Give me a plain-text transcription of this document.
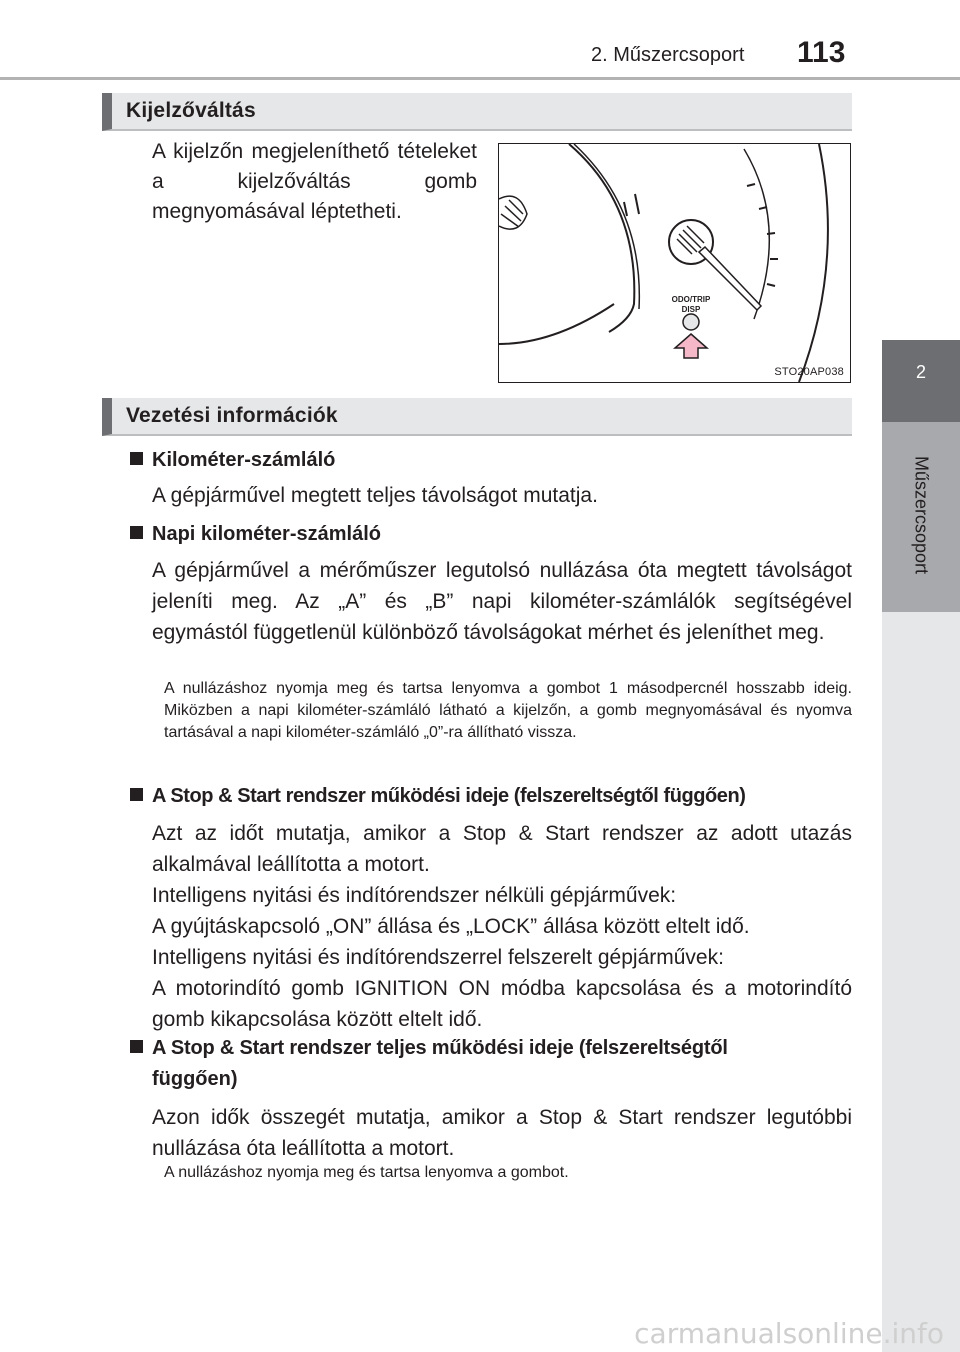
2. Műszercsoport 113
2
Műszercsoport
Kijelzőváltás

A kijelzőn megjeleníthető tételeket a kijelzőváltás gomb megnyomásával léptetheti.

ODO/TRIP
DISP
STO20AP038
Vezetési információk
Kilométer-számláló

A gépjárművel megtett teljes távolságot mutatja.

Napi kilométer-számláló

A gépjárművel a mérőműszer legutolsó nullázása óta megtett távolságot jeleníti meg. Az „A” és „B” napi kilométer-számlálók segítségével egymástól függetlenül különböző távolságokat mérhet és jeleníthet meg.

A nullázáshoz nyomja meg és tartsa lenyomva a gombot 1 másodpercnél hosszabb ideig. Miközben a napi kilométer-számláló látható a kijelzőn, a gomb megnyomásával és nyomva tartásával a napi kilométer-számláló „0”-ra állítható vissza.

A Stop & Start rendszer működési ideje (felszereltségtől függően)

Azt az időt mutatja, amikor a Stop & Start rendszer az adott utazás alkalmával leállította a motort.

Intelligens nyitási és indítórendszer nélküli gépjárművek:

A gyújtáskapcsoló „ON” állása és „LOCK” állása között eltelt idő.

Intelligens nyitási és indítórendszerrel felszerelt gépjárművek:

A motorindító gomb IGNITION ON módba kapcsolása és a motorindító gomb kikapcsolása között eltelt idő.

A Stop & Start rendszer teljes működési ideje (felszereltségtől
függően)

Azon idők összegét mutatja, amikor a Stop & Start rendszer legutóbbi nullázása óta leállította a motort.

A nullázáshoz nyomja meg és tartsa lenyomva a gombot.

carmanualsonline.info
